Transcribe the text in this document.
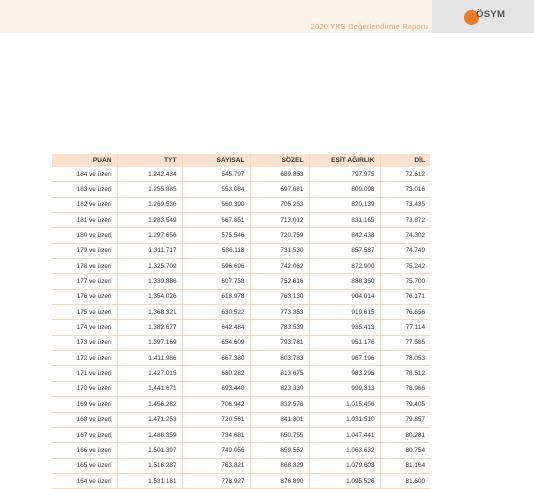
2020 YKS Değerlendirme Raporu
ÖSYM
PUAN	TYT	SAYISAL	SÖZEL	EŞİT AĞIRLIK	DİL
184 ve üzeri	1.242.434	545.797	689.853	797.975	72.612
183 ve üzeri	1.255.885	553.084	697.681	809.098	73.016
182 ve üzeri	1.269.536	560.390	705.253	820.139	73.435
181 ve üzeri	1.283.549	567.851	713.012	831.165	73.872
180 ve üzeri	1.297.656	575.546	720.759	842.438	74.302
179 ve üzeri	1.311.717	586.118	731.530	857.587	74.749
178 ve üzeri	1.325.709	596.696	742.062	872.900	75.242
177 ve üzeri	1.339.886	607.758	752.616	888.350	75.700
176 ve üzeri	1.354.026	618.978	763.130	904.014	76.171
175 ve üzeri	1.368.321	630.522	773.353	919.615	76.656
174 ve üzeri	1.382.677	642.484	783.539	935.413	77.114
173 ve üzeri	1.397.169	654.609	793.781	951.176	77.585
172 ve üzeri	1.411.986	667.380	803.783	967.196	78.053
171 ve üzeri	1.427.015	680.282	813.675	983.295	78.512
170 ve üzeri	1.441.671	693.440	823.330	999.313	78.966
169 ve üzeri	1.456.282	706.942	832.576	1.015.456	79.405
168 ve üzeri	1.471.253	720.561	841.801	1.031.510	79.857
167 ve üzeri	1.486.359	734.681	850.755	1.047.441	80.281
166 ve üzeri	1.501.397	749.056	859.552	1.063.632	80.754
165 ve üzeri	1.516.287	763.821	868.329	1.079.603	81.164
164 ve üzeri	1.531.181	778.927	876.890	1.095.526	81.600
